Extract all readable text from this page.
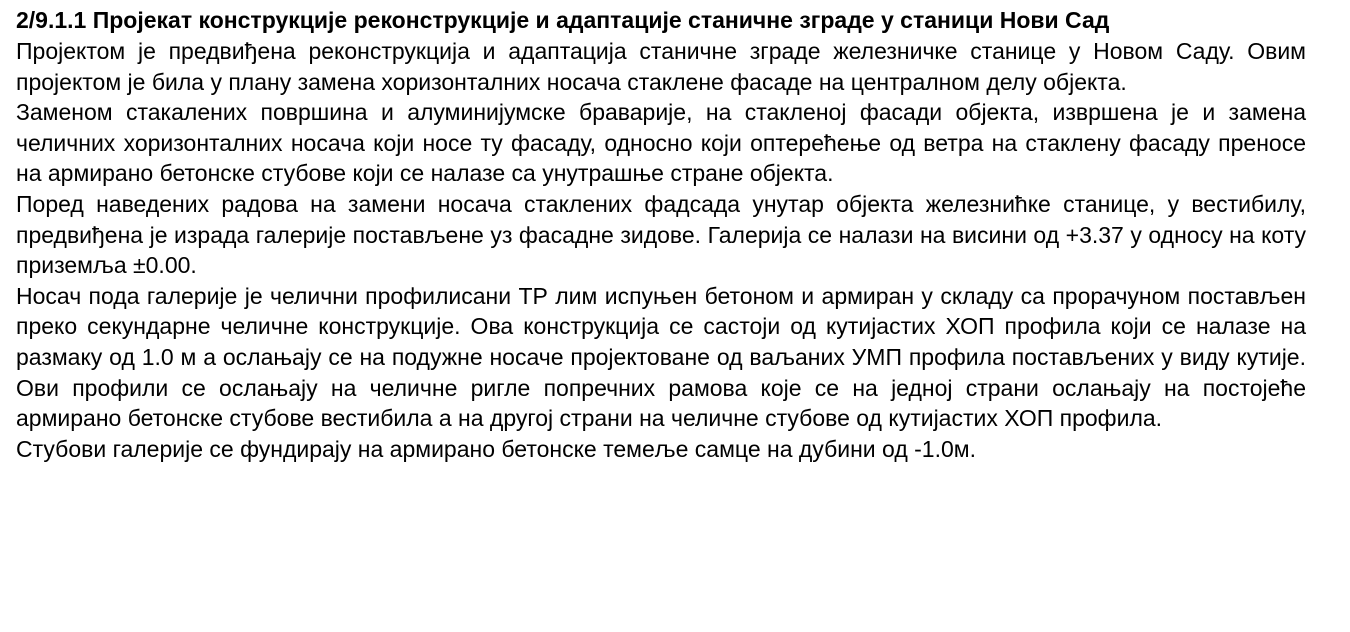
2/9.1.1 Пројекат конструкције реконструкције и адаптације станичне зграде у станици Нови Сад

Пројектом је предвиђена реконструкција и адаптација станичне зграде железничке станице у Новом Саду. Овим пројектом је била у плану замена хоризонталних носача стаклене фасаде на централном делу објекта.

Заменом стакалених површина и алуминијумске браварије, на стакленој фасади објекта, извршена је и замена челичних хоризонталних носача који носе ту фасаду, односно који оптерећење од ветра на стаклену фасаду преносе на армирано бетонске стубове који се налазе са унутрашње стране објекта.

Поред наведених радова на замени носача стаклених фадсада унутар објекта железнићке станице, у вестибилу, предвиђена је израда галерије постављене уз фасадне зидове. Галерија се налази на висини од +3.37 у односу на коту приземља ±0.00.

Носач пода галерије је челични профилисани ТР лим испуњен бетоном и армиран у складу са прорачуном постављен преко секундарне челичне конструкције. Ова конструкција се састоји од кутијастих ХОП профила који се налазе на размаку од 1.0 м а ослањају се на подужне носаче пројектоване од ваљаних УМП профила постављених у виду кутије. Ови профили се ослањају на челичне ригле попречних рамова које се на једној страни ослањају на постојеће армирано бетонске стубове вестибила а на другој страни на челичне стубове од кутијастих ХОП профила.

Стубови галерије се фундирају на армирано бетонске темеље самце на дубини од -1.0м.
